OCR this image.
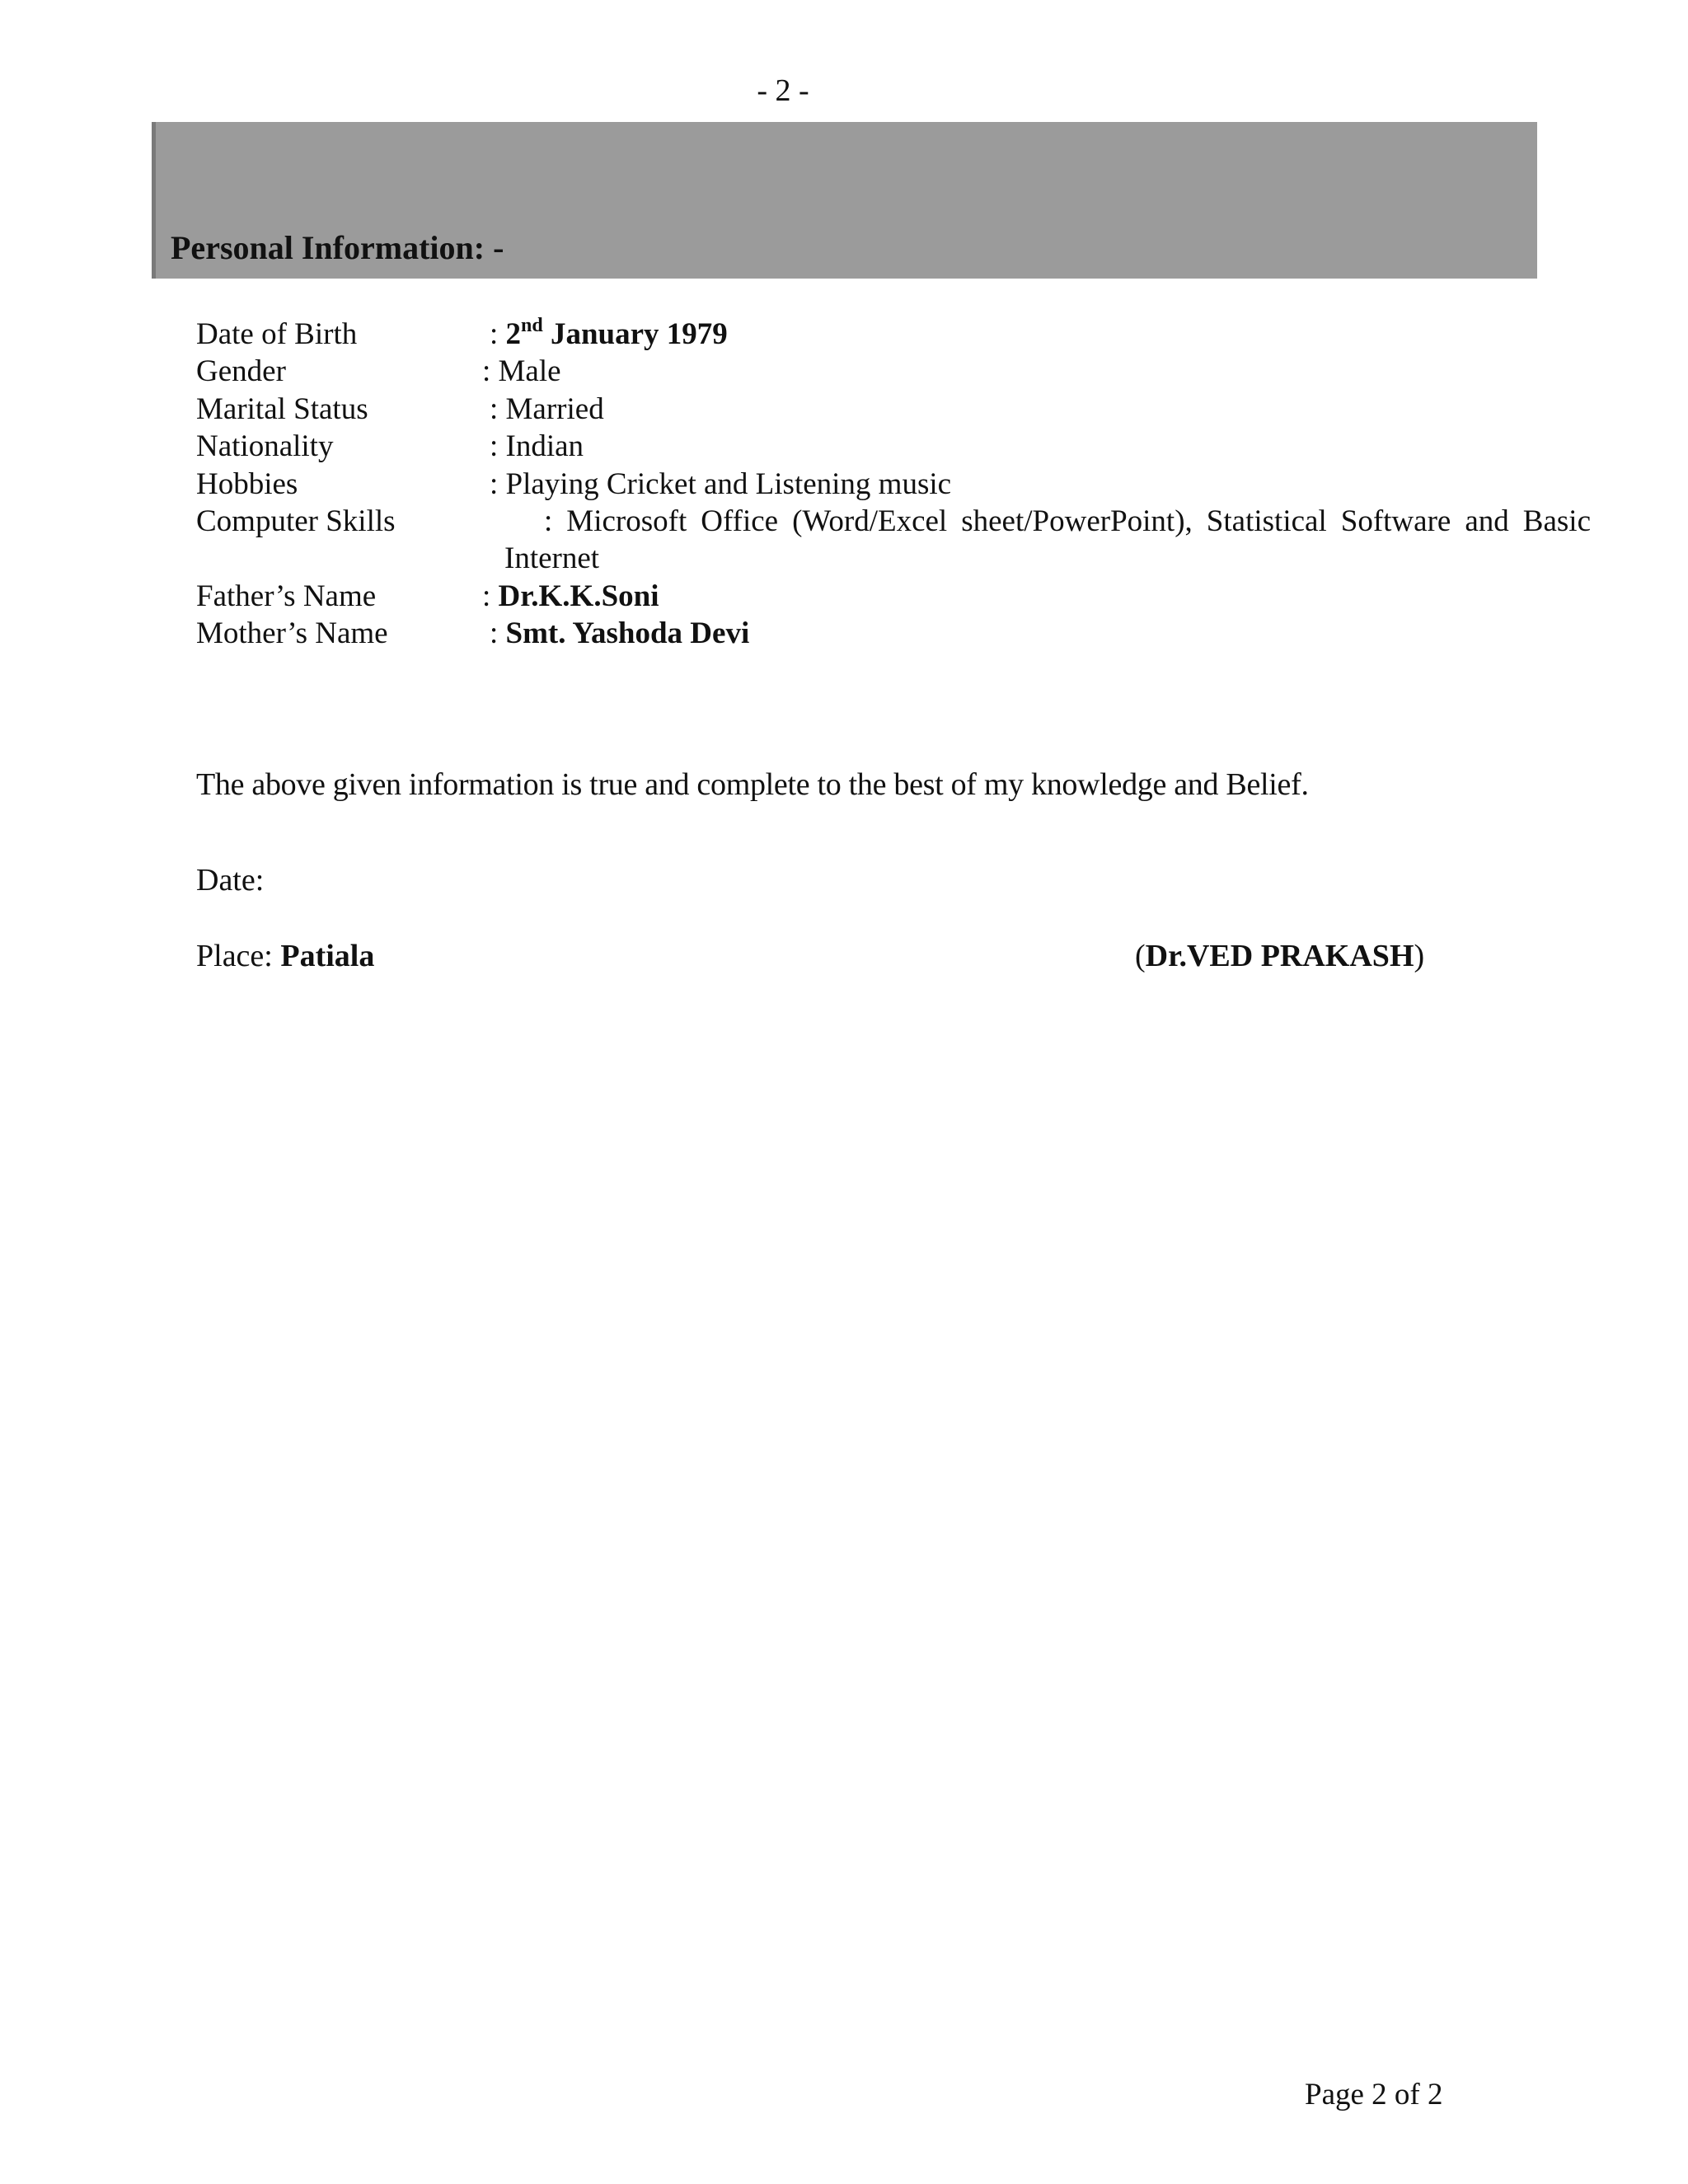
- 2 -
Personal Information: -
Date of Birth	: 2nd January 1979
Gender	: Male
Marital Status	: Married
Nationality	: Indian
Hobbies	: Playing Cricket and Listening music
Computer Skills	: Microsoft Office (Word/Excel sheet/PowerPoint), Statistical Software and Basic
Internet
Father’s Name	: Dr.K.K.Soni
Mother’s Name	: Smt. Yashoda Devi
The above given information is true and complete to the best of my knowledge and Belief.
Date:
Place: Patiala	(Dr.VED PRAKASH)
Page 2 of 2
